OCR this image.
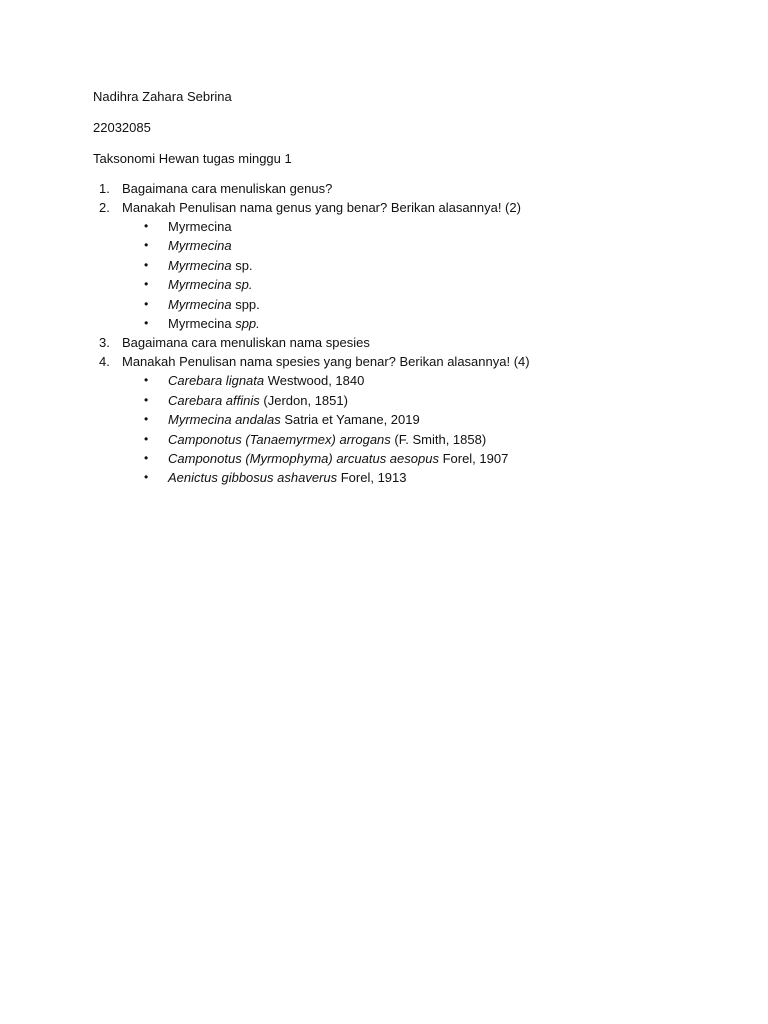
Nadihra Zahara Sebrina
22032085
Taksonomi Hewan tugas minggu 1
1. Bagaimana cara menuliskan genus?
2. Manakah Penulisan nama genus yang benar? Berikan alasannya! (2)
• Myrmecina
• Myrmecina
• Myrmecina sp.
• Myrmecina sp.
• Myrmecina spp.
• Myrmecina spp.
3. Bagaimana cara menuliskan nama spesies
4. Manakah Penulisan nama spesies yang benar? Berikan alasannya! (4)
• Carebara lignata Westwood, 1840
• Carebara affinis (Jerdon, 1851)
• Myrmecina andalas Satria et Yamane, 2019
• Camponotus (Tanaemyrmex) arrogans (F. Smith, 1858)
• Camponotus (Myrmophyma) arcuatus aesopus Forel, 1907
• Aenictus gibbosus ashaverus Forel, 1913
